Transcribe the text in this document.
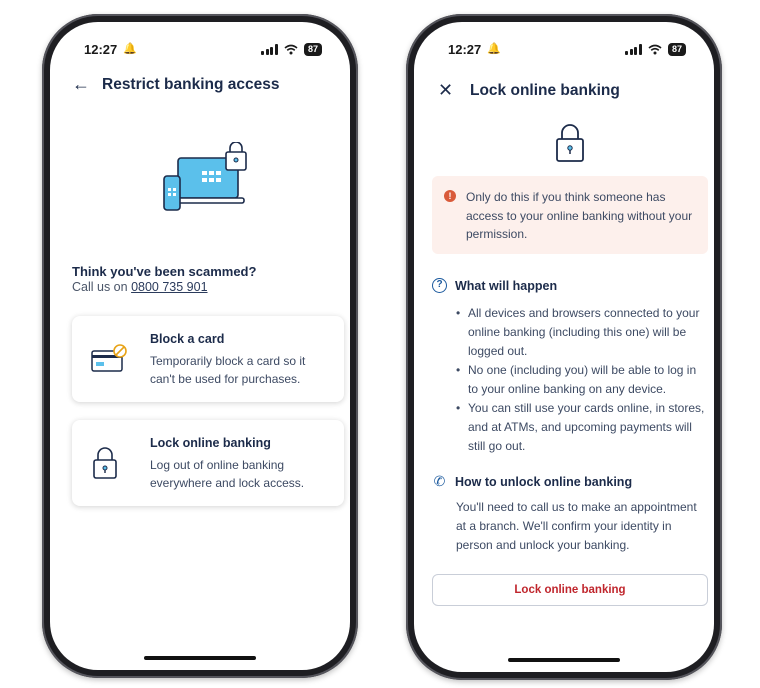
12:27 🔔	87
← Restrict banking access
Think you've been scammed?
Call us on 0800 735 901
Block a card
Temporarily block a card so it can't be used for purchases.
Lock online banking
Log out of online banking everywhere and lock access.
12:27 🔔	87
✕ Lock online banking
!	Only do this if you think someone has access to your online banking without your permission.
? What will happen
• All devices and browsers connected to your online banking (including this one) will be logged out.
• No one (including you) will be able to log in to your online banking on any device.
• You can still use your cards online, in stores, and at ATMs, and upcoming payments will still go out.
✆ How to unlock online banking
You'll need to call us to make an appointment at a branch. We'll confirm your identity in person and unlock your banking.
Lock online banking
